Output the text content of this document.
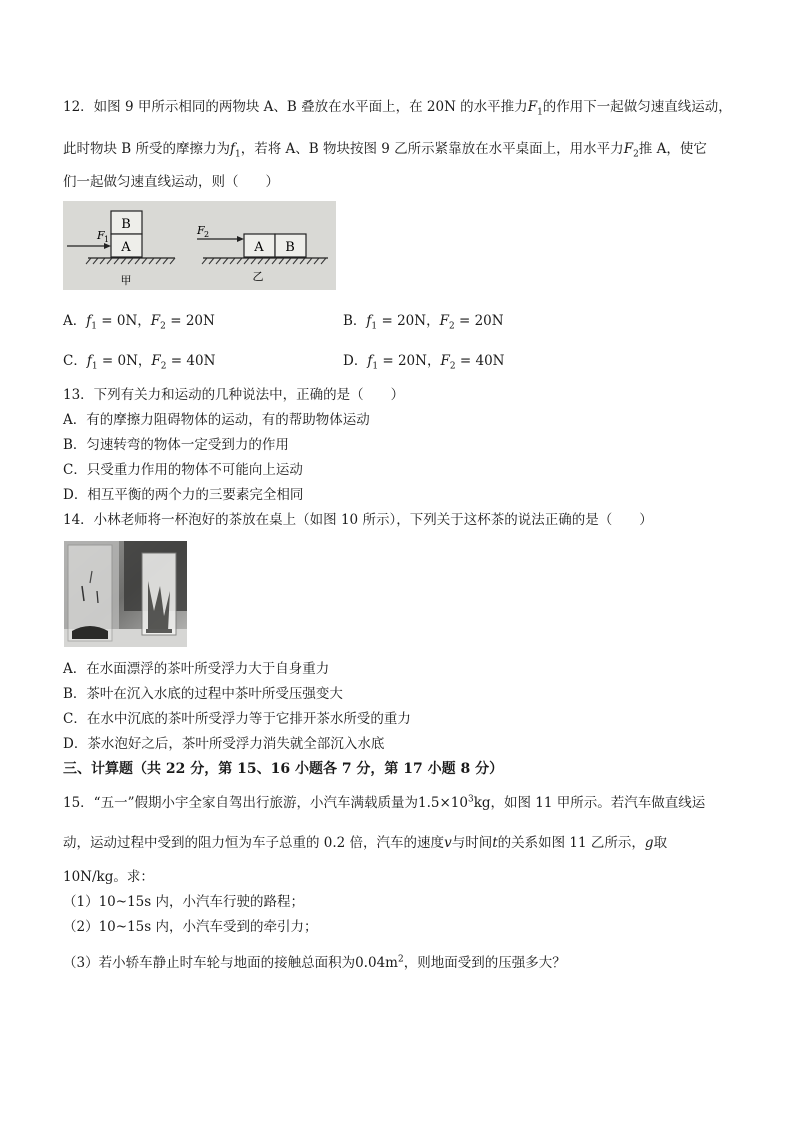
12．如图 9 甲所示相同的两物块 A、B 叠放在水平面上，在 20N 的水平推力$F_1$的作用下一起做匀速直线运动，
此时物块 B 所受的摩擦力为$f_1$，若将 A、B 物块按图 9 乙所示紧靠放在水平桌面上，用水平力$F_2$推 A，使它
们一起做匀速直线运动，则（　　）
B
A
F 1
甲
A B
F 2
乙
A．$f_1 = 0N$，$F_2 = 20N$	B．$f_1 = 20N$，$F_2 = 20N$
C．$f_1 = 0N$，$F_2 = 40N$	D．$f_1 = 20N$，$F_2 = 40N$
13．下列有关力和运动的几种说法中，正确的是（　　）
A．有的摩擦力阻碍物体的运动，有的帮助物体运动
B．匀速转弯的物体一定受到力的作用
C．只受重力作用的物体不可能向上运动
D．相互平衡的两个力的三要素完全相同
14．小林老师将一杯泡好的茶放在桌上（如图 10 所示），下列关于这杯茶的说法正确的是（　　）
A．在水面漂浮的茶叶所受浮力大于自身重力
B．茶叶在沉入水底的过程中茶叶所受压强变大
C．在水中沉底的茶叶所受浮力等于它排开茶水所受的重力
D．茶水泡好之后，茶叶所受浮力消失就全部沉入水底
三、计算题（共 22 分，第 15、16 小题各 7 分，第 17 小题 8 分）
15．“五一”假期小宇全家自驾出行旅游，小汽车满载质量为$1.5\times 10^3kg$，如图 11 甲所示。若汽车做直线运
动，运动过程中受到的阻力恒为车子总重的 0.2 倍，汽车的速度v与时间t的关系如图 11 乙所示，g取
10N/kg。求：
（1）10~15s 内，小汽车行驶的路程；
（2）10~15s 内，小汽车受到的牵引力；
（3）若小轿车静止时车轮与地面的接触总面积为$0.04m^2$，则地面受到的压强多大？
